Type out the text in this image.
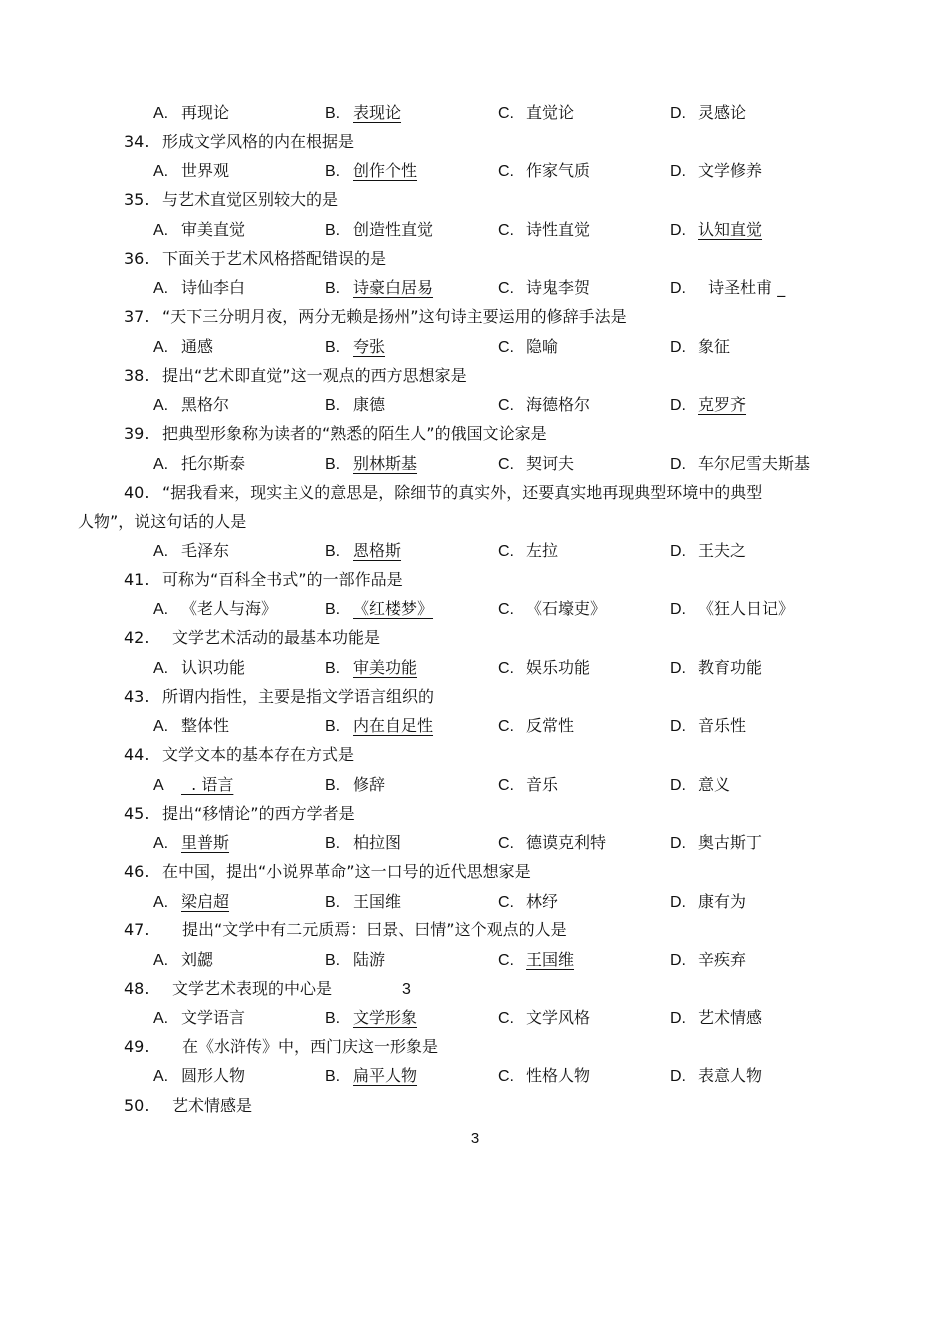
3
A. 再现论	B. 表现论	C. 直觉论	D. 灵感论
34. 形成文学风格的内在根据是
A. 世界观	B. 创作个性	C. 作家气质	D. 文学修养
35. 与艺术直觉区别较大的是
A. 审美直觉	B. 创造性直觉	C. 诗性直觉	D. 认知直觉
36. 下面关于艺术风格搭配错误的是
A. 诗仙李白	B. 诗豪白居易	C. 诗鬼李贺	D.  诗圣杜甫 _
37. “天下三分明月夜，两分无赖是扬州”这句诗主要运用的修辞手法是
A. 通感	B. 夸张	C. 隐喻	D. 象征
38. 提出“艺术即直觉”这一观点的西方思想家是
A. 黑格尔	B. 康德	C. 海德格尔	D. 克罗齐
39. 把典型形象称为读者的“熟悉的陌生人”的俄国文论家是
A. 托尔斯泰	B. 别林斯基	C. 契诃夫	D. 车尔尼雪夫斯基
40. “据我看来，现实主义的意思是，除细节的真实外，还要真实地再现典型环境中的典型
人物”，说这句话的人是
A. 毛泽东	B. 恩格斯	C. 左拉	D. 王夫之
41. 可称为“百科全书式”的一部作品是
A. 《老人与海》	B. 《红楼梦》	C. 《石壕吏》	D. 《狂人日记》
42. 文学艺术活动的最基本功能是
A. 认识功能	B. 审美功能	C. 娱乐功能	D. 教育功能
43. 所谓内指性，主要是指文学语言组织的
A. 整体性	B. 内在自足性	C. 反常性	D. 音乐性
44. 文学文本的基本存在方式是
A  . 语言	B. 修辞	C. 音乐	D. 意义
45. 提出“移情论”的西方学者是
A. 里普斯	B. 柏拉图	C. 德谟克利特	D. 奥古斯丁
46. 在中国，提出“小说界革命”这一口号的近代思想家是
A. 梁启超	B. 王国维	C. 林纾	D. 康有为
47. 提出“文学中有二元质焉：曰景、曰情”这个观点的人是
A. 刘勰	B. 陆游	C. 王国维	D. 辛疾弃
48. 文学艺术表现的中心是	3
A. 文学语言	B. 文学形象	C. 文学风格	D. 艺术情感
49. 在《水浒传》中，西门庆这一形象是
A. 圆形人物	B. 扁平人物	C. 性格人物	D. 表意人物
50. 艺术情感是
